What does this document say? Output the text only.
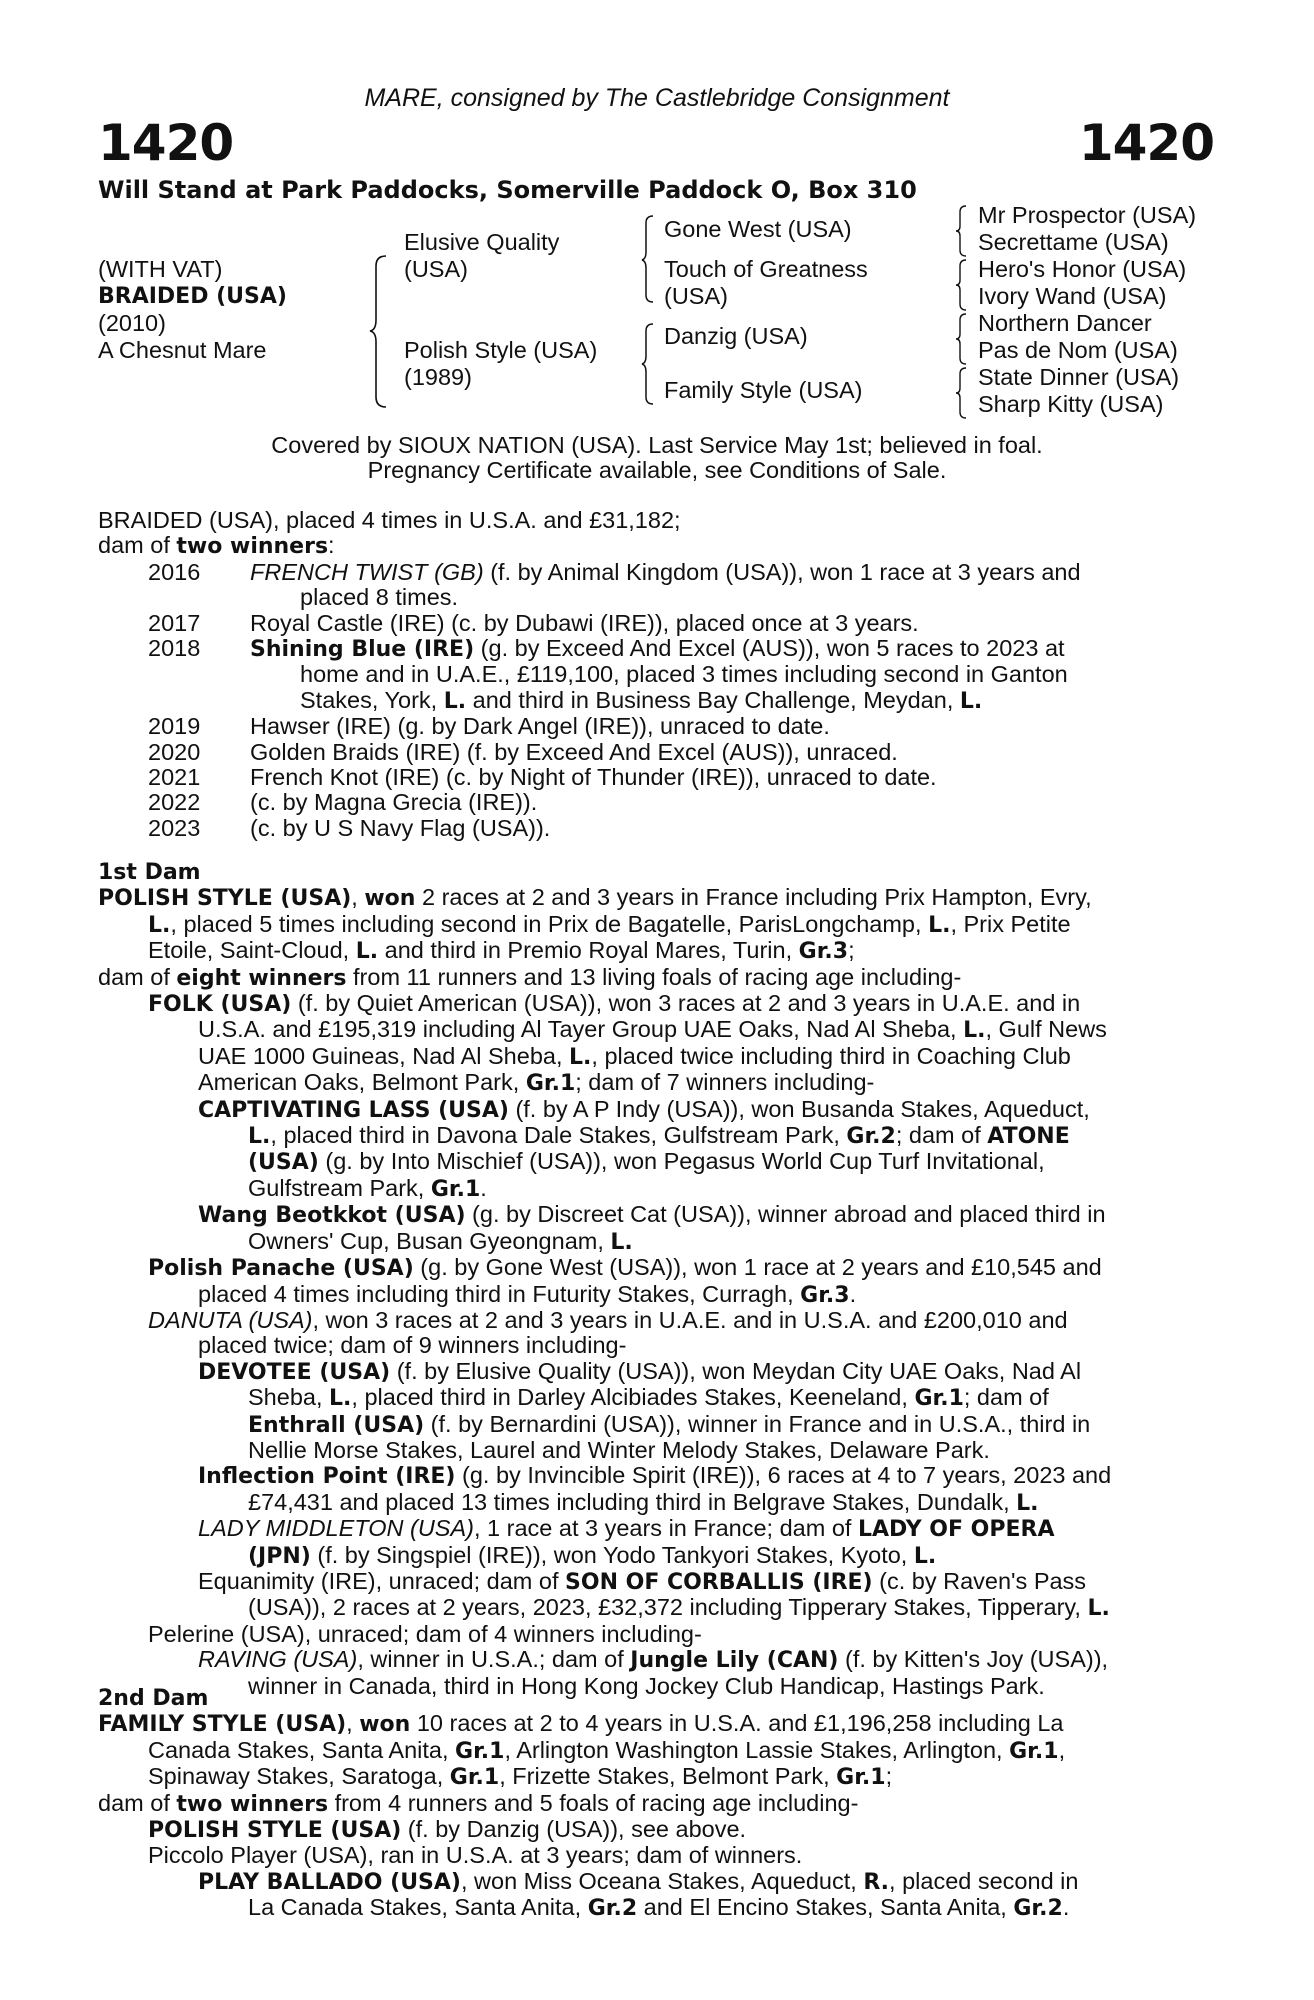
MARE, consigned by The Castlebridge Consignment
1420	1420
Will Stand at Park Paddocks, Somerville Paddock O, Box 310
(WITH VAT)
BRAIDED (USA)
(2010)
A Chesnut Mare
Elusive Quality
(USA)
Polish Style (USA)
(1989)
Gone West (USA)
Touch of Greatness
(USA)
Danzig (USA)
Family Style (USA)
Mr Prospector (USA)
Secrettame (USA)
Hero's Honor (USA)
Ivory Wand (USA)
Northern Dancer
Pas de Nom (USA)
State Dinner (USA)
Sharp Kitty (USA)
Covered by SIOUX NATION (USA). Last Service May 1st; believed in foal.
Pregnancy Certificate available, see Conditions of Sale.
BRAIDED (USA), placed 4 times in U.S.A. and £31,182;
dam of two winners:
2016	FRENCH TWIST (GB) (f. by Animal Kingdom (USA)), won 1 race at 3 years and
placed 8 times.
2017	Royal Castle (IRE) (c. by Dubawi (IRE)), placed once at 3 years.
2018	Shining Blue (IRE) (g. by Exceed And Excel (AUS)), won 5 races to 2023 at
home and in U.A.E., £119,100, placed 3 times including second in Ganton
Stakes, York, L. and third in Business Bay Challenge, Meydan, L.
2019	Hawser (IRE) (g. by Dark Angel (IRE)), unraced to date.
2020	Golden Braids (IRE) (f. by Exceed And Excel (AUS)), unraced.
2021	French Knot (IRE) (c. by Night of Thunder (IRE)), unraced to date.
2022	(c. by Magna Grecia (IRE)).
2023	(c. by U S Navy Flag (USA)).
1st Dam
POLISH STYLE (USA), won 2 races at 2 and 3 years in France including Prix Hampton, Evry,
L., placed 5 times including second in Prix de Bagatelle, ParisLongchamp, L., Prix Petite
Etoile, Saint-Cloud, L. and third in Premio Royal Mares, Turin, Gr.3;
dam of eight winners from 11 runners and 13 living foals of racing age including-
FOLK (USA) (f. by Quiet American (USA)), won 3 races at 2 and 3 years in U.A.E. and in
U.S.A. and £195,319 including Al Tayer Group UAE Oaks, Nad Al Sheba, L., Gulf News
UAE 1000 Guineas, Nad Al Sheba, L., placed twice including third in Coaching Club
American Oaks, Belmont Park, Gr.1; dam of 7 winners including-
CAPTIVATING LASS (USA) (f. by A P Indy (USA)), won Busanda Stakes, Aqueduct,
L., placed third in Davona Dale Stakes, Gulfstream Park, Gr.2; dam of ATONE
(USA) (g. by Into Mischief (USA)), won Pegasus World Cup Turf Invitational,
Gulfstream Park, Gr.1.
Wang Beotkkot (USA) (g. by Discreet Cat (USA)), winner abroad and placed third in
Owners' Cup, Busan Gyeongnam, L.
Polish Panache (USA) (g. by Gone West (USA)), won 1 race at 2 years and £10,545 and
placed 4 times including third in Futurity Stakes, Curragh, Gr.3.
DANUTA (USA), won 3 races at 2 and 3 years in U.A.E. and in U.S.A. and £200,010 and
placed twice; dam of 9 winners including-
DEVOTEE (USA) (f. by Elusive Quality (USA)), won Meydan City UAE Oaks, Nad Al
Sheba, L., placed third in Darley Alcibiades Stakes, Keeneland, Gr.1; dam of
Enthrall (USA) (f. by Bernardini (USA)), winner in France and in U.S.A., third in
Nellie Morse Stakes, Laurel and Winter Melody Stakes, Delaware Park.
Inflection Point (IRE) (g. by Invincible Spirit (IRE)), 6 races at 4 to 7 years, 2023 and
£74,431 and placed 13 times including third in Belgrave Stakes, Dundalk, L.
LADY MIDDLETON (USA), 1 race at 3 years in France; dam of LADY OF OPERA
(JPN) (f. by Singspiel (IRE)), won Yodo Tankyori Stakes, Kyoto, L.
Equanimity (IRE), unraced; dam of SON OF CORBALLIS (IRE) (c. by Raven's Pass
(USA)), 2 races at 2 years, 2023, £32,372 including Tipperary Stakes, Tipperary, L.
Pelerine (USA), unraced; dam of 4 winners including-
RAVING (USA), winner in U.S.A.; dam of Jungle Lily (CAN) (f. by Kitten's Joy (USA)),
winner in Canada, third in Hong Kong Jockey Club Handicap, Hastings Park.
2nd Dam
FAMILY STYLE (USA), won 10 races at 2 to 4 years in U.S.A. and £1,196,258 including La
Canada Stakes, Santa Anita, Gr.1, Arlington Washington Lassie Stakes, Arlington, Gr.1,
Spinaway Stakes, Saratoga, Gr.1, Frizette Stakes, Belmont Park, Gr.1;
dam of two winners from 4 runners and 5 foals of racing age including-
POLISH STYLE (USA) (f. by Danzig (USA)), see above.
Piccolo Player (USA), ran in U.S.A. at 3 years; dam of winners.
PLAY BALLADO (USA), won Miss Oceana Stakes, Aqueduct, R., placed second in
La Canada Stakes, Santa Anita, Gr.2 and El Encino Stakes, Santa Anita, Gr.2.
